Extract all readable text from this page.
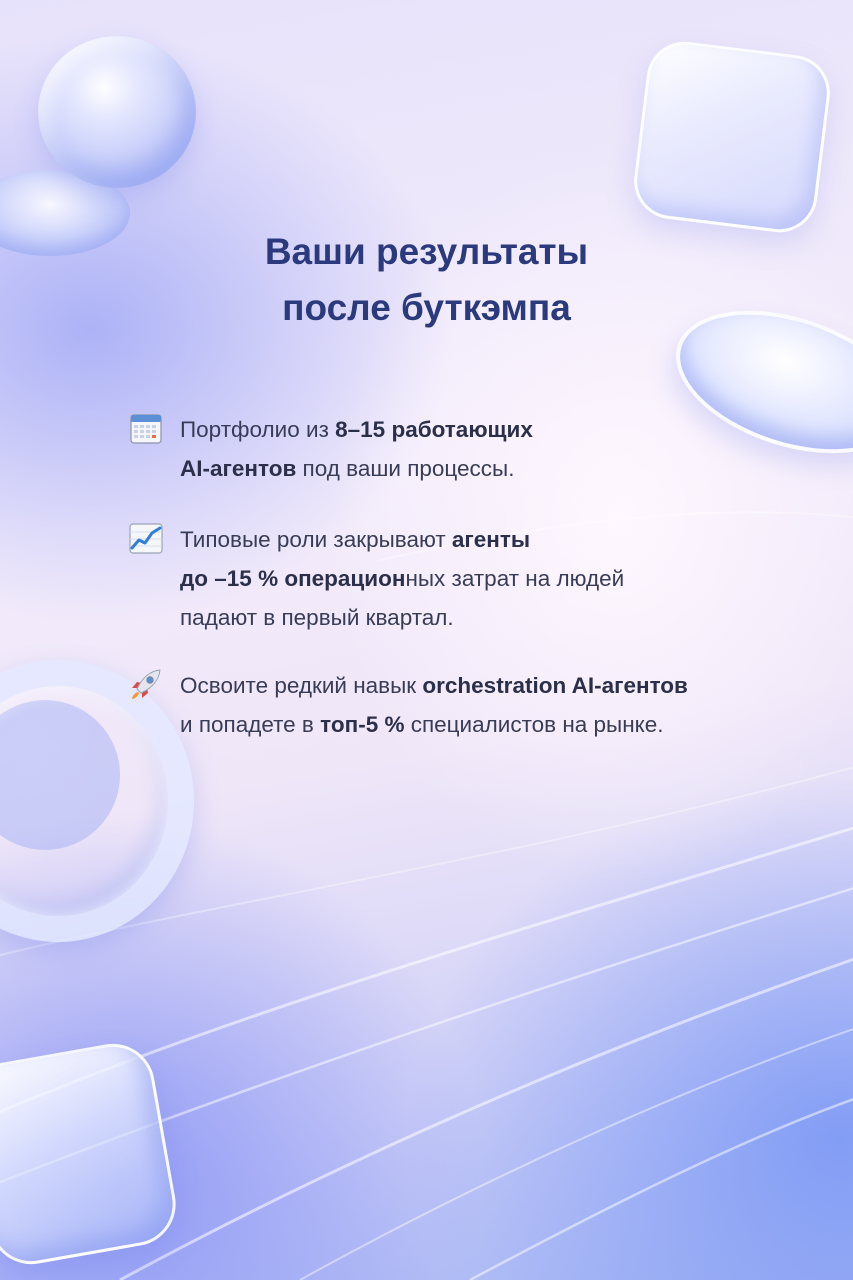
Ваши результаты
после буткэмпа
Портфолио из 8–15 работающих
AI-агентов под ваши процессы.
Типовые роли закрывают агенты
до –15 % операционных затрат на людей
падают в первый квартал.
Освоите редкий навык orchestration AI-агентов
и попадете в топ-5 % специалистов на рынке.
